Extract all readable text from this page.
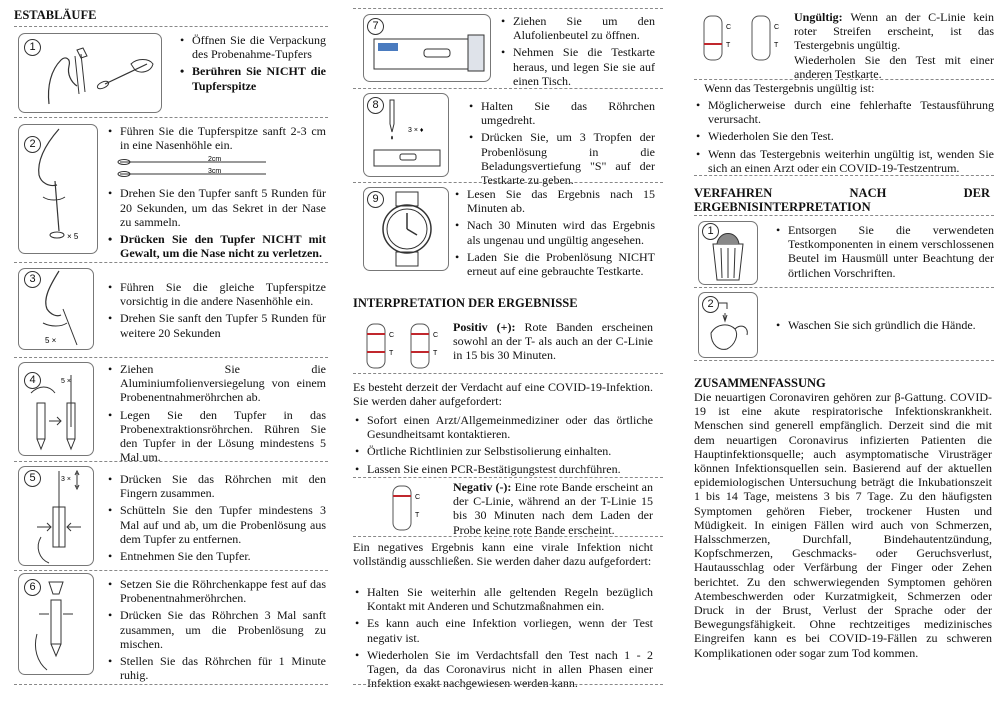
ESTABLÄUFE
1	• Öffnen Sie die Verpackung des Probenahme-Tupfers
• Berühren Sie NICHT die Tupferspitze
× 5
2
• Führen Sie die Tupferspitze sanft 2-3 cm in eine Nasenhöhle ein.
2cm
3cm
• Drehen Sie den Tupfer sanft 5 Runden für 20 Sekunden, um das Sekret in der Nase zu sammeln.
• Drücken Sie den Tupfer NICHT mit Gewalt, um die Nase nicht zu verletzen.
5 ×
3
• Führen Sie die gleiche Tupferspitze vorsichtig in die andere Nasenhöhle ein.
• Drehen Sie sanft den Tupfer 5 Runden für weitere 20 Sekunden
5 ×
4
• Ziehen Sie die Aluminiumfolienversiegelung von einem Probenentnahmeröhrchen ab.
• Legen Sie den Tupfer in das Probenextraktionsröhrchen. Rühren Sie den Tupfer in der Lösung mindestens 5 Mal um.
3 ×
5	• Drücken Sie das Röhrchen mit den Fingern zusammen.
• Schütteln Sie den Tupfer mindestens 3 Mal auf und ab, um die Probenlösung aus dem Tupfer zu entfernen.
• Entnehmen Sie den Tupfer.
6	• Setzen Sie die Röhrchenkappe fest auf das Probenentnahmeröhrchen.
• Drücken Sie das Röhrchen 3 Mal sanft zusammen, um die Probenlösung zu mischen.
• Stellen Sie das Röhrchen für 1 Minute ruhig.
7	• Ziehen Sie um den Alufolienbeutel zu öffnen.
• Nehmen Sie die Testkarte heraus, und legen Sie sie auf einen Tisch.
3 × ♦
8	• Halten Sie das Röhrchen umgedreht.
• Drücken Sie, um 3 Tropfen der Probenlösung in die Beladungsvertiefung "S" auf der Testkarte zu geben.
9	• Lesen Sie das Ergebnis nach 15 Minuten ab.
• Nach 30 Minuten wird das Ergebnis als ungenau und ungültig angesehen.
• Laden Sie die Probenlösung NICHT erneut auf eine gebrauchte Testkarte.
INTERPRETATION DER ERGEBNISSE
C
T
C
T
Positiv (+): Rote Banden erscheinen sowohl an der T- als auch an der C-Linie in 15 bis 30 Minuten.
Es besteht derzeit der Verdacht auf eine COVID-19-Infektion. Sie werden daher aufgefordert:
• Sofort einen Arzt/Allgemeinmediziner oder das örtliche Gesundheitsamt kontaktieren.
• Örtliche Richtlinien zur Selbstisolierung einhalten.
• Lassen Sie einen PCR-Bestätigungstest durchführen.
C
T
Negativ (-): Eine rote Bande erscheint an der C-Linie, während an der T-Linie 15 bis 30 Minuten nach dem Laden der Probe keine rote Bande erscheint.
Ein negatives Ergebnis kann eine virale Infektion nicht vollständig ausschließen. Sie werden daher dazu aufgefordert:
• Halten Sie weiterhin alle geltenden Regeln bezüglich Kontakt mit Anderen und Schutzmaßnahmen ein.
• Es kann auch eine Infektion vorliegen, wenn der Test negativ ist.
• Wiederholen Sie im Verdachtsfall den Test nach 1 - 2 Tagen, da das Coronavirus nicht in allen Phasen einer Infektion exakt nachgewiesen werden kann.
C
T
C
T
Ungültig: Wenn an der C-Linie kein roter Streifen erscheint, ist das Testergebnis ungültig.
Wiederholen Sie den Test mit einer anderen Testkarte.
Wenn das Testergebnis ungültig ist:
• Möglicherweise durch eine fehlerhafte Testausführung verursacht.
• Wiederholen Sie den Test.
• Wenn das Testergebnis weiterhin ungültig ist, wenden Sie sich an einen Arzt oder ein COVID-19-Testzentrum.
VERFAHREN NACH DER ERGEBNISINTERPRETATION
1	• Entsorgen Sie die verwendeten Testkomponenten in einem verschlossenen Beutel im Hausmüll unter Beachtung der örtlichen Vorschriften.
2
• Waschen Sie sich gründlich die Hände.
ZUSAMMENFASSUNG
Die neuartigen Coronaviren gehören zur β-Gattung. COVID-19 ist eine akute respiratorische Infektionskrankheit. Menschen sind generell empfänglich. Derzeit sind die mit dem neuartigen Coronavirus infizierten Patienten die Hauptinfektionsquelle; auch asymptomatische Virusträger können Infektionsquellen sein. Basierend auf der aktuellen epidemiologischen Untersuchung beträgt die Inkubationszeit 1 bis 14 Tage, meistens 3 bis 7 Tage. Zu den häufigsten Symptomen gehören Fieber, trockener Husten und Müdigkeit. In einigen Fällen wird auch von Schmerzen, Halsschmerzen, Durchfall, Bindehautentzündung, Kopfschmerzen, Geschmacks- oder Geruchsverlust, Hautausschlag oder Verfärbung der Finger oder Zehen berichtet. Zu den schwerwiegenden Symptomen gehören Atembeschwerden oder Kurzatmigkeit, Schmerzen oder Druck in der Brust, Verlust der Sprache oder der Bewegungsfähigkeit. Ohne rechtzeitiges medizinisches Eingreifen kann es bei COVID-19-Fällen zu schweren Komplikationen oder sogar zum Tod kommen.
